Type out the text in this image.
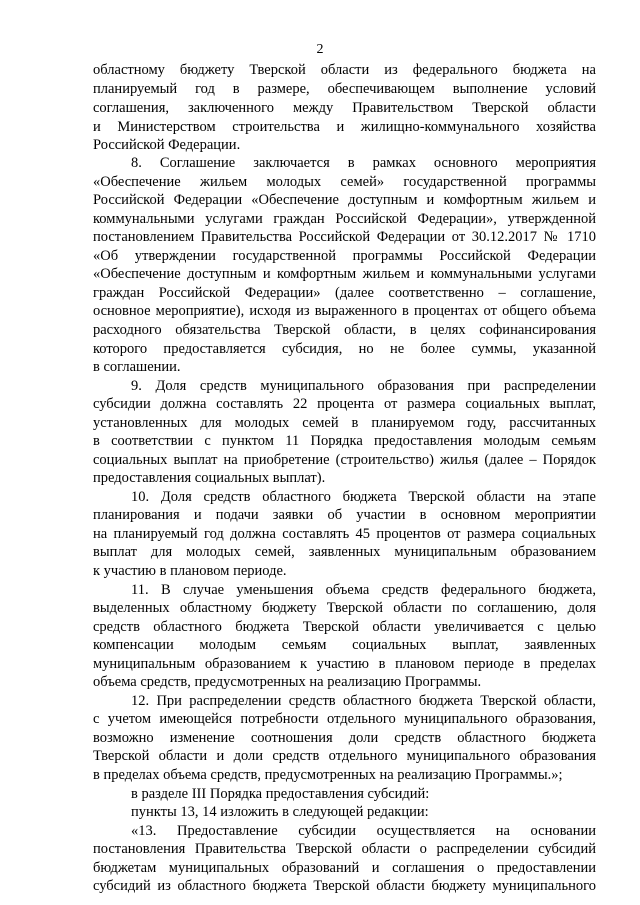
2
областному бюджету Тверской области из федерального бюджета на
планируемый год в размере, обеспечивающем выполнение условий
соглашения, заключенного между Правительством Тверской области
и Министерством строительства и жилищно-коммунального хозяйства
Российской Федерации.
8. Соглашение заключается в рамках основного мероприятия
«Обеспечение жильем молодых семей» государственной программы
Российской Федерации «Обеспечение доступным и комфортным жильем и
коммунальными услугами граждан Российской Федерации», утвержденной
постановлением Правительства Российской Федерации от 30.12.2017 № 1710
«Об утверждении государственной программы Российской Федерации
«Обеспечение доступным и комфортным жильем и коммунальными услугами
граждан Российской Федерации» (далее соответственно – соглашение,
основное мероприятие), исходя из выраженного в процентах от общего объема
расходного обязательства Тверской области, в целях софинансирования
которого предоставляется субсидия, но не более суммы, указанной
в соглашении.
9. Доля средств муниципального образования при распределении
субсидии должна составлять 22 процента от размера социальных выплат,
установленных для молодых семей в планируемом году, рассчитанных
в соответствии с пунктом 11 Порядка предоставления молодым семьям
социальных выплат на приобретение (строительство) жилья (далее – Порядок
предоставления социальных выплат).
10. Доля средств областного бюджета Тверской области на этапе
планирования и подачи заявки об участии в основном мероприятии
на планируемый год должна составлять 45 процентов от размера социальных
выплат для молодых семей, заявленных муниципальным образованием
к участию в плановом периоде.
11. В случае уменьшения объема средств федерального бюджета,
выделенных областному бюджету Тверской области по соглашению, доля
средств областного бюджета Тверской области увеличивается с целью
компенсации молодым семьям социальных выплат, заявленных
муниципальным образованием к участию в плановом периоде в пределах
объема средств, предусмотренных на реализацию Программы.
12. При распределении средств областного бюджета Тверской области,
с учетом имеющейся потребности отдельного муниципального образования,
возможно изменение соотношения доли средств областного бюджета
Тверской области и доли средств отдельного муниципального образования
в пределах объема средств, предусмотренных на реализацию Программы.»;
в разделе III Порядка предоставления субсидий:
пункты 13, 14 изложить в следующей редакции:
«13. Предоставление субсидии осуществляется на основании
постановления Правительства Тверской области о распределении субсидий
бюджетам муниципальных образований и соглашения о предоставлении
субсидий из областного бюджета Тверской области бюджету муниципального
